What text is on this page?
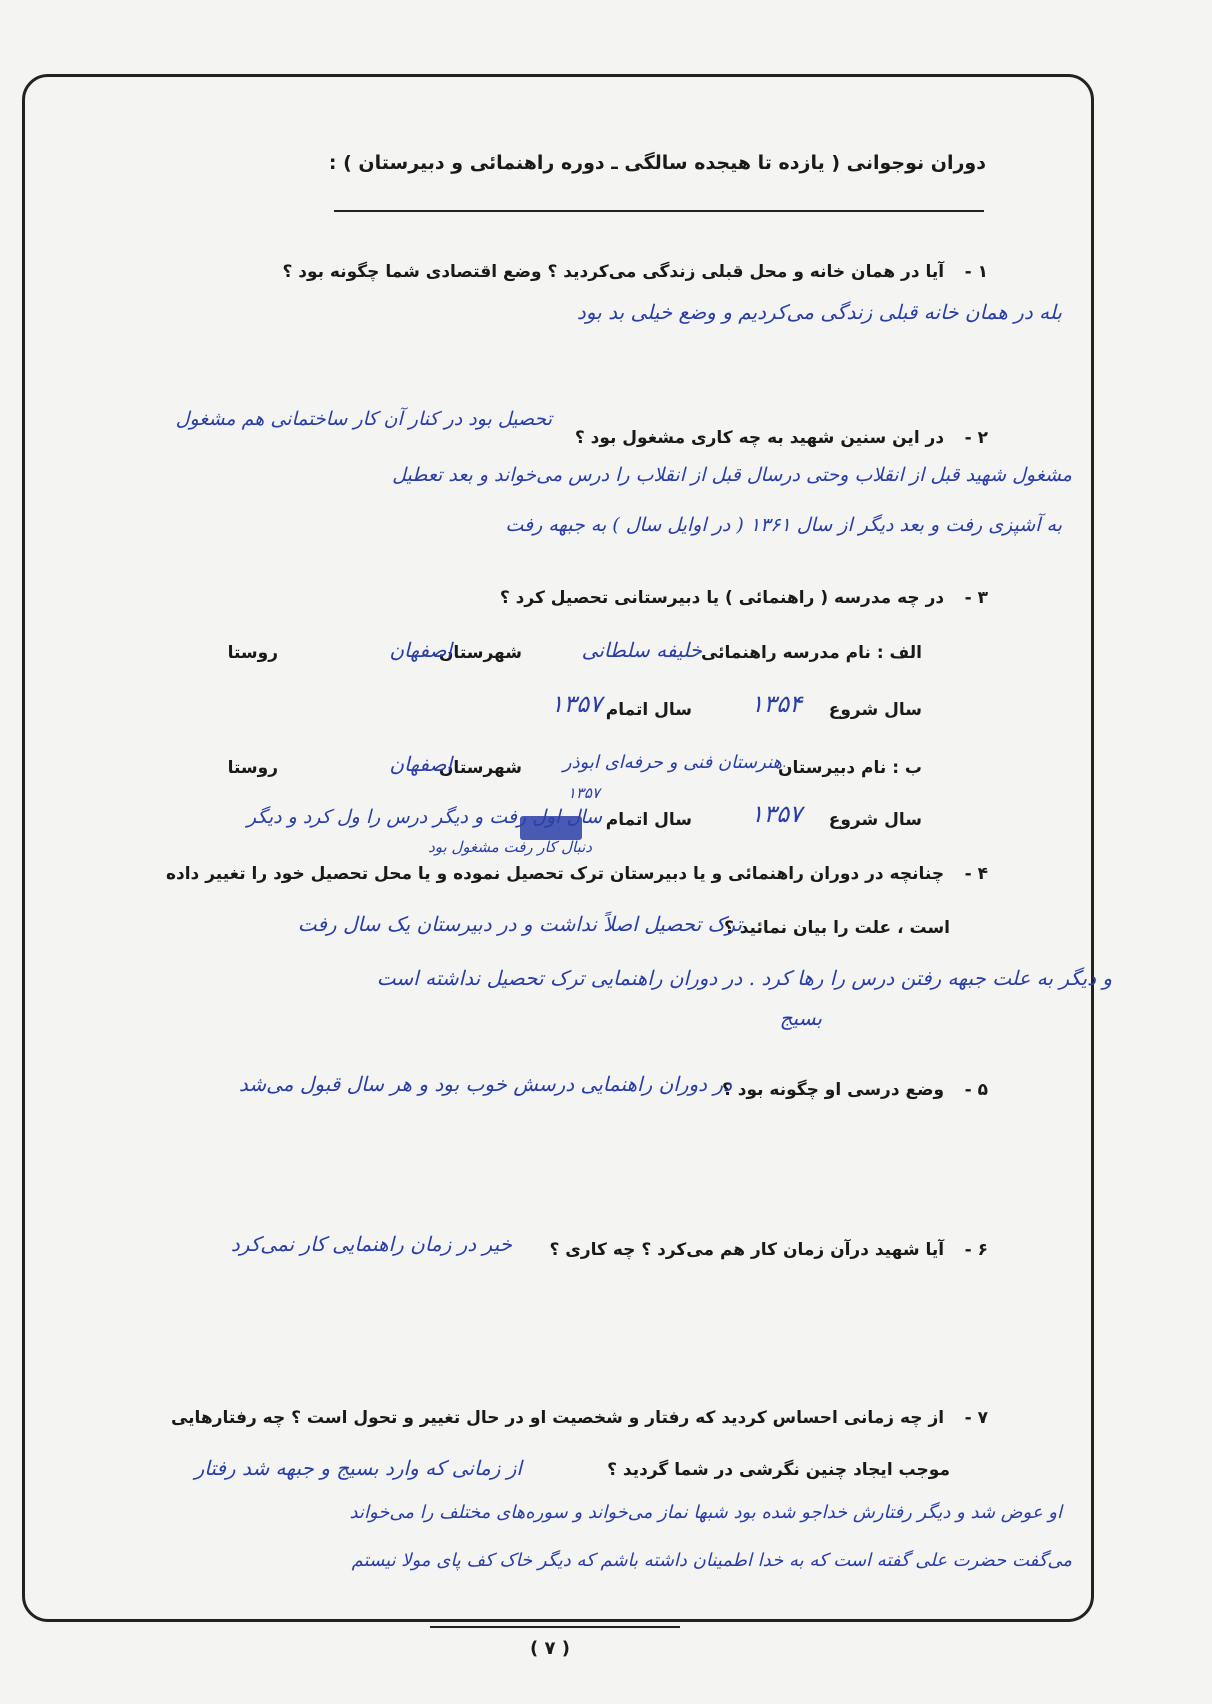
دوران نوجوانی ( یازده تا هیجده سالگی ـ دوره راهنمائی و دبیرستان ) :
۱ - آیا در همان خانه و محل قبلی زندگی می‌کردید ؟ وضع اقتصادی شما چگونه بود ؟
بله در همان خانه قبلی زندگی می‌کردیم و وضع خیلی بد بود
۲ - در این سنین شهید به چه کاری مشغول بود ؟
تحصیل بود در کنار آن کار ساختمانی هم مشغول
مشغول شهید قبل از انقلاب وحتی درسال قبل از انقلاب را درس می‌خواند و بعد تعطیل
به آشپزی رفت و بعد دیگر از سال ۱۳۶۱ ( در اوایل سال ) به جبهه رفت
۳ - در چه مدرسه ( راهنمائی ) یا دبیرستانی تحصیل کرد ؟
الف : نام مدرسه راهنمائی
خلیفه سلطانی
شهرستان
اصفهان
روستا
سال شروع
۱۳۵۴
سال اتمام
۱۳۵۷
ب : نام دبیرستان
هنرستان فنی و حرفه‌ای ابوذر
شهرستان
اصفهان
روستا
سال شروع
۱۳۵۷
سال اتمام
۱۳۵۷
سال اول رفت و دیگر درس را ول کرد و دیگر
دنبال کار رفت مشغول بود
۴ - چنانچه در دوران راهنمائی و یا دبیرستان ترک تحصیل نموده و یا محل تحصیل خود را تغییر داده
است ، علت را بیان نمائید ؟
ترک تحصیل اصلاً نداشت و در دبیرستان یک سال رفت
و دیگر به علت جبهه رفتن درس را رها کرد . در دوران راهنمایی ترک تحصیل نداشته است
بسیج
۵ - وضع درسی او چگونه بود ؟
در دوران راهنمایی درسش خوب بود و هر سال قبول می‌شد
۶ - آیا شهید درآن زمان کار هم می‌کرد ؟ چه کاری ؟
خیر در زمان راهنمایی کار نمی‌کرد
۷ - از چه زمانی احساس کردید که رفتار و شخصیت او در حال تغییر و تحول است ؟ چه رفتارهایی
موجب ایجاد چنین نگرشی در شما گردید ؟
از زمانی که وارد بسیج و جبهه شد رفتار
او عوض شد و دیگر رفتارش خداجو شده بود شبها نماز می‌خواند و سوره‌های مختلف را می‌خواند
می‌گفت حضرت علی گفته است که به خدا اطمینان داشته باشم که دیگر خاک کف پای مولا نیستم
( ۷ )
